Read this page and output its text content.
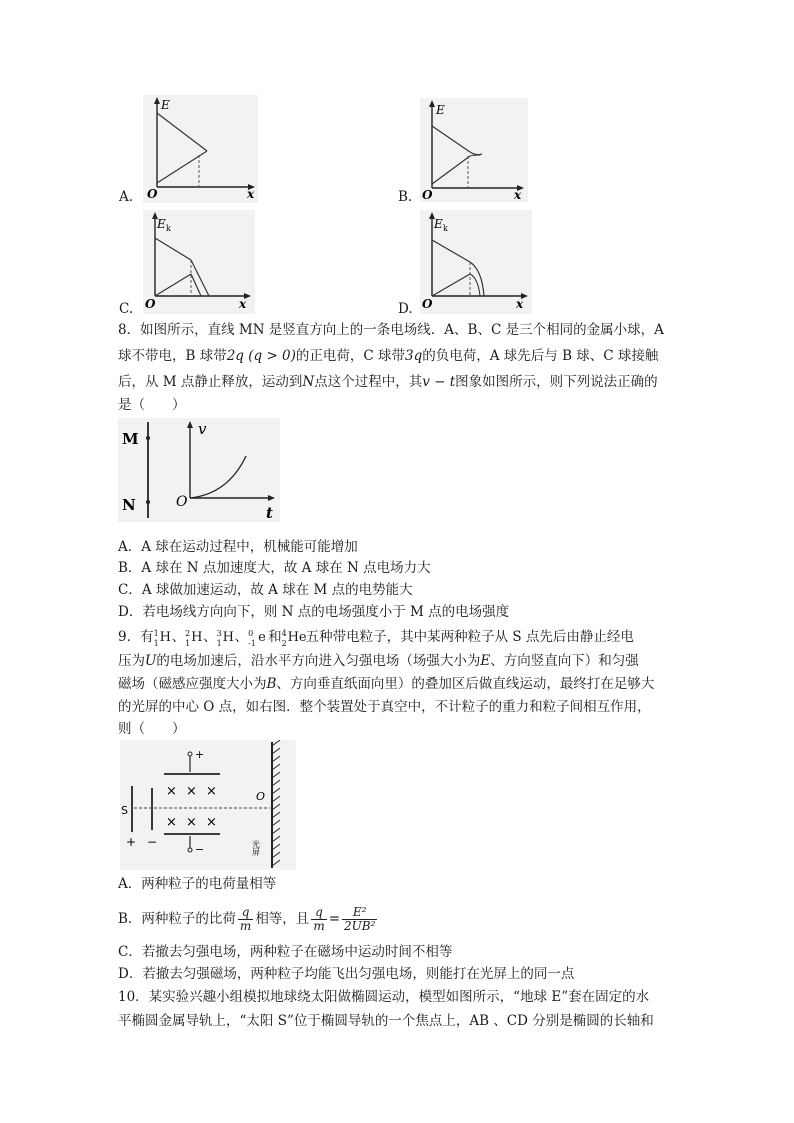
A.
E
O	x	B.
E
O	x
C.
E k
O	x	D.
E k
O	x
8．如图所示，直线 MN 是竖直方向上的一条电场线．A、B、C 是三个相同的金属小球，A
球不带电，B 球带2q (q > 0)的正电荷，C 球带3q的负电荷，A 球先后与 B 球、C 球接触
后，从 M 点静止释放，运动到N点这个过程中，其v − t图象如图所示，则下列说法正确的
是（　　）
M
N
v
O
t
A．A 球在运动过程中，机械能可能增加
B．A 球在 N 点加速度大，故 A 球在 N 点电场力大
C．A 球做加速运动，故 A 球在 M 点的电势能大
D．若电场线方向向下，则 N 点的电场强度小于 M 点的电场强度
9．有 1
1 H 、 2
1 H 、 3
1 H 、 0
-1 e 和 4
2 He
五种带电粒子，其中某两种粒子从 S 点先后由静止经电
压为U的电场加速后，沿水平方向进入匀强电场（场强大小为E、方向竖直向下）和匀强
磁场（磁感应强度大小为B、方向垂直纸面向里）的叠加区后做直线运动，最终打在足够大
的光屏的中心 O 点，如右图．整个装置处于真空中，不计粒子的重力和粒子间相互作用，
则（　　）
S
+ −
+
−
× × ×
× × ×
O
光屏
A．两种粒子的电荷量相等
B．两种粒子的比荷 $\frac{q}{m}$ 相等，且 $\frac{q}{m} = \frac{\text{E²}}{\text{2UB²}}$
C．若撤去匀强电场，两种粒子在磁场中运动时间不相等
D．若撤去匀强磁场，两种粒子均能飞出匀强电场，则能打在光屏上的同一点
10．某实验兴趣小组模拟地球绕太阳做椭圆运动，模型如图所示，“地球 E”套在固定的水
平椭圆金属导轨上，“太阳 S”位于椭圆导轨的一个焦点上，AB 、CD 分别是椭圆的长轴和
